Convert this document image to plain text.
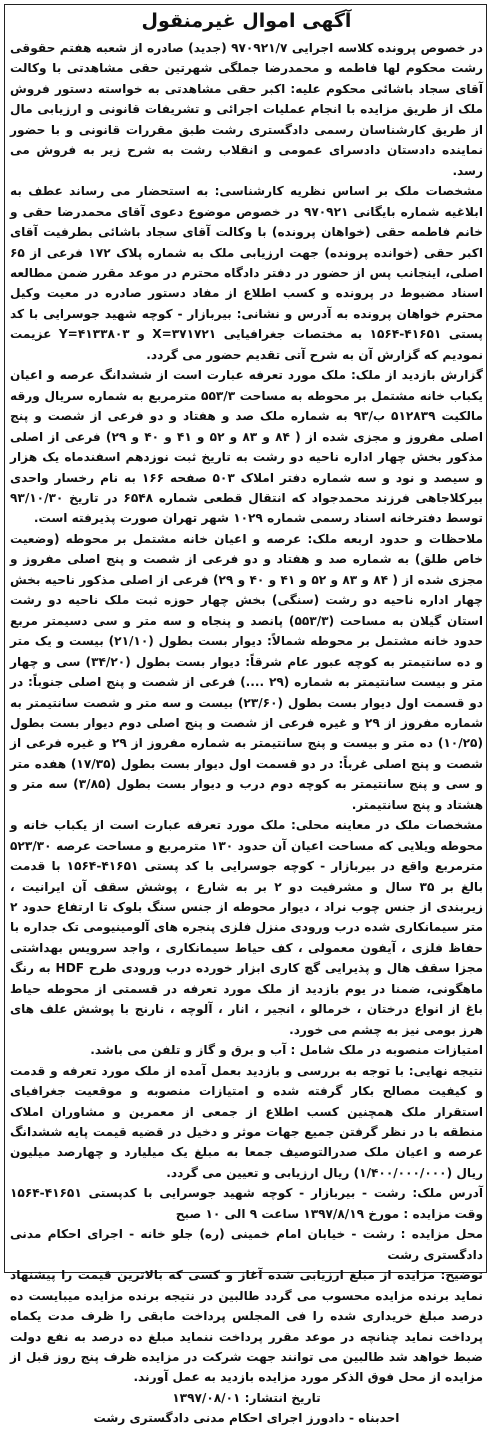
آگهی اموال غیرمنقول

در خصوص پرونده کلاسه اجرایی ۹۷۰۹۲۱/۷ (جدید) صادره از شعبه هفتم حقوقی رشت محکوم لها فاطمه و محمدرضا جملگی شهرتین حقی مشاهدتی با وکالت آقای سجاد باشائی محکوم علیه: اکبر حقی مشاهدتی به خواسته دستور فروش ملک از طریق مزایده با انجام عملیات اجرائی و تشریفات قانونی و ارزیابی مال از طریق کارشناسان رسمی دادگستری رشت طبق مقررات قانونی و با حضور نماینده دادستان دادسرای عمومی و انقلاب رشت به شرح زیر به فروش می رسد.

مشخصات ملک بر اساس نظریه کارشناسی: به استحضار می رساند عطف به ابلاغیه شماره بایگانی ۹۷۰۹۲۱ در خصوص موضوع دعوی آقای محمدرضا حقی و خانم فاطمه حقی (خواهان پرونده) با وکالت آقای سجاد باشائی بطرفیت آقای اکبر حقی (خوانده پرونده) جهت ارزیابی ملک به شماره پلاک ۱۷۲ فرعی از ۶۵ اصلی، اینجانب پس از حضور در دفتر دادگاه محترم در موعد مقرر ضمن مطالعه اسناد مضبوط در پرونده و کسب اطلاع از مفاد دستور صادره در معیت وکیل محترم خواهان پرونده به آدرس و نشانی: بیربازار - کوچه شهید جوسرایی با کد پستی ۴۱۶۵۱-۱۵۶۴ به مختصات جغرافیایی X=۳۷۱۷۲۱ و Y=۴۱۳۳۸۰۳ عزیمت نمودیم که گزارش آن به شرح آتی تقدیم حضور می گردد.

گزارش بازدید از ملک: ملک مورد تعرفه عبارت است از ششدانگ عرصه و اعیان یکباب خانه مشتمل بر محوطه به مساحت ۵۵۳/۳ مترمربع به شماره سریال ورقه مالکیت ۵۱۲۸۳۹ ب/۹۳ به شماره ملک صد و هفتاد و دو فرعی از شصت و پنج اصلی مفروز و مجزی شده از ( ۸۴ و ۸۳ و ۵۲ و ۴۱ و ۴۰ و ۲۹) فرعی از اصلی مذکور بخش چهار اداره ناحیه دو رشت به تاریخ ثبت نوزدهم اسفندماه یک هزار و سیصد و نود و سه شماره دفتر املاک ۵۰۳ صفحه ۱۶۶ به نام رخسار واحدی بیرکلاجاهی فرزند محمدجواد که انتقال قطعی شماره ۶۵۴۸ در تاریخ ۹۳/۱۰/۳۰ توسط دفترخانه اسناد رسمی شماره ۱۰۲۹ شهر تهران صورت پذیرفته است.

ملاحظات و حدود اربعه ملک: عرصه و اعیان خانه مشتمل بر محوطه (وضعیت خاص طلق) به شماره صد و هفتاد و دو فرعی از شصت و پنج اصلی مفروز و مجزی شده از ( ۸۴ و ۸۳ و ۵۲ و ۴۱ و ۴۰ و ۲۹) فرعی از اصلی مذکور ناحیه بخش چهار اداره ناحیه دو رشت (سنگی) بخش چهار حوزه ثبت ملک ناحیه دو رشت استان گیلان به مساحت (۵۵۳/۳) پانصد و پنجاه و سه متر و سی دسیمتر مربع حدود خانه مشتمل بر محوطه شمالاً: دیوار بست بطول (۲۱/۱۰) بیست و یک متر و ده سانتیمتر به کوچه عبور عام شرقاً: دیوار بست بطول (۳۴/۲۰) سی و چهار متر و بیست سانتیمتر به شماره (۲۹ ....) فرعی از شصت و پنج اصلی جنوباً: در دو قسمت اول دیوار بست بطول (۲۳/۶۰) بیست و سه متر و شصت سانتیمتر به شماره مفروز از ۲۹ و غیره فرعی از شصت و پنج اصلی دوم دیوار بست بطول (۱۰/۲۵) ده متر و بیست و پنج سانتیمتر به شماره مفروز از ۲۹ و غیره فرعی از شصت و پنج اصلی غرباً: در دو قسمت اول دیوار بست بطول (۱۷/۳۵) هفده متر و سی و پنج سانتیمتر به کوچه دوم درب و دیوار بست بطول (۳/۸۵) سه متر و هشتاد و پنج سانتیمتر.

مشخصات ملک در معاینه محلی: ملک مورد تعرفه عبارت است از یکباب خانه و محوطه ویلایی که مساحت اعیان آن حدود ۱۳۰ مترمربع و مساحت عرصه ۵۲۳/۳۰ مترمربع واقع در بیربازار - کوچه جوسرایی با کد پستی ۴۱۶۵۱-۱۵۶۴ با قدمت بالغ بر ۳۵ سال و مشرفیت دو ۲ بر به شارع ، پوشش سقف آن ایرانیت ، زیربندی از جنس چوب نراد ، دیوار محوطه از جنس سنگ بلوک تا ارتفاع حدود ۲ متر سیمانکاری شده درب ورودی منزل فلزی پنجره های آلومینیومی تک جداره با حفاظ فلزی ، آیفون معمولی ، کف حیاط سیمانکاری ، واجد سرویس بهداشتی مجزا سقف هال و پذیرایی گچ کاری ابزار خورده درب ورودی طرح HDF به رنگ ماهگونی، ضمنا در یوم بازدید از ملک مورد تعرفه در قسمتی از محوطه حیاط باغ از انواع درختان ، خرمالو ، انجیر ، انار ، آلوچه ، نارنج با پوشش علف های هرز بومی نیز به چشم می خورد.

امتیازات منصوبه در ملک شامل : آب و برق و گاز و تلفن می باشد.

نتیجه نهایی: با توجه به بررسی و بازدید بعمل آمده از ملک مورد تعرفه و قدمت و کیفیت مصالح بکار گرفته شده و امتیازات منصوبه و موقعیت جغرافیای استقرار ملک همچنین کسب اطلاع از جمعی از معمرین و مشاوران املاک منطقه با در نظر گرفتن جمیع جهات موثر و دخیل در قضیه قیمت پایه ششدانگ عرصه و اعیان ملک صدرالتوصیف جمعا به مبلغ یک میلیارد و چهارصد میلیون ریال (۱/۴۰۰/۰۰۰/۰۰۰) ریال ارزیابی و تعیین می گردد.

آدرس ملک: رشت - بیربازار - کوچه شهید جوسرایی با کدپستی ۴۱۶۵۱-۱۵۶۴ وقت مزایده : مورخ ۱۳۹۷/۸/۱۹ ساعت ۹ الی ۱۰ صبح

محل مزایده : رشت - خیابان امام خمینی (ره) جلو خانه - اجرای احکام مدنی دادگستری رشت

توضیح: مزایده از مبلغ ارزیابی شده آغاز و کسی که بالاترین قیمت را پیشنهاد نماید برنده مزایده محسوب می گردد طالبین در نتیجه برنده مزایده میبایست ده درصد مبلغ خریداری شده را فی المجلس پرداخت مابقی را ظرف مدت یکماه پرداخت نماید چنانچه در موعد مقرر پرداخت ننماید مبلغ ده درصد به نفع دولت ضبط خواهد شد طالبین می توانند جهت شرکت در مزایده ظرف پنج روز قبل از مزایده از محل فوق الذکر مورد مزایده بازدید به عمل آورند.

تاریخ انتشار: ۱۳۹۷/۰۸/۰۱

احدبناه - دادورز اجرای احکام مدنی دادگستری رشت
